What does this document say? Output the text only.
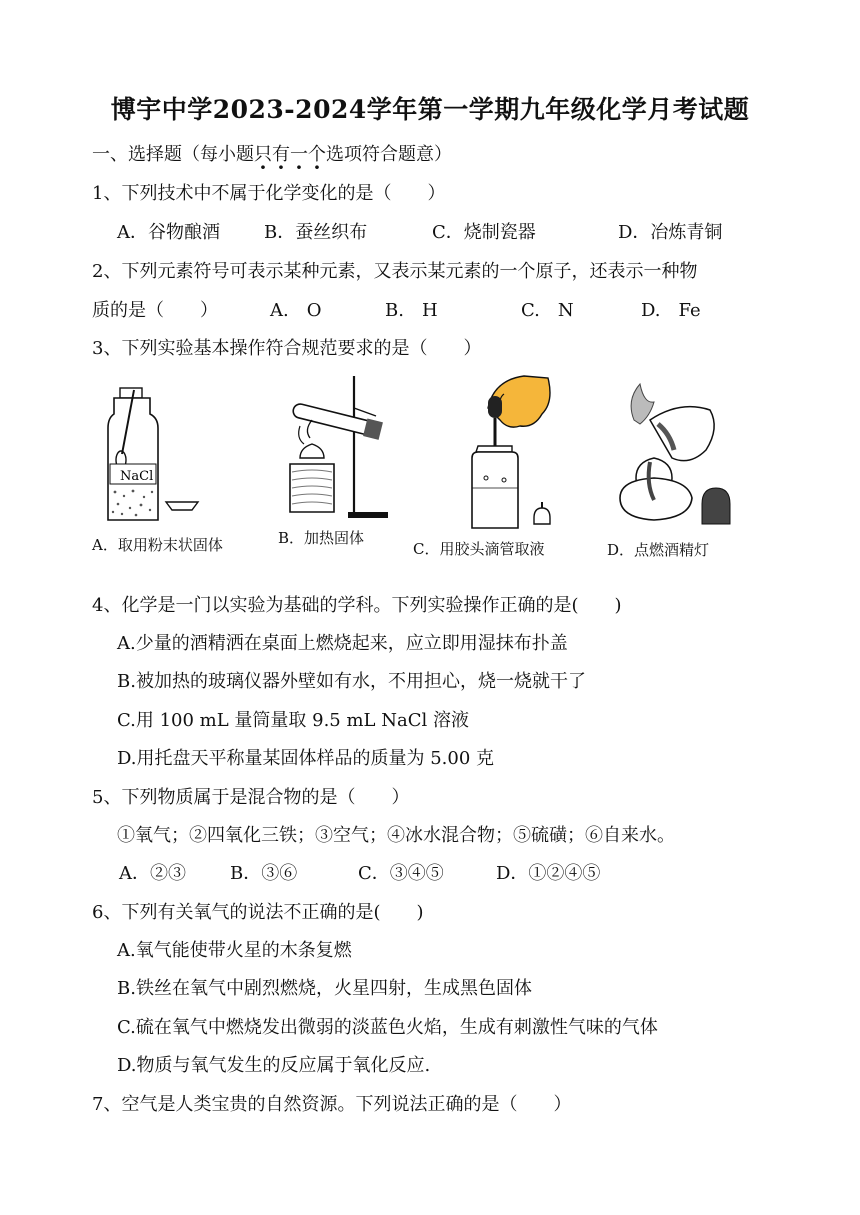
博宇中学2023-2024学年第一学期九年级化学月考试题
一、选择题（每小题只有一个选项符合题意）
1、下列技术中不属于化学变化的是（　　）
A．谷物酿酒 B．蚕丝织布	C．烧制瓷器	D．冶炼青铜
2、下列元素符号可表示某种元素，又表示某元素的一个原子，还表示一种物
质的是（　　）	A.　O	B.　H	C.　N	D.　Fe
3、下列实验基本操作符合规范要求的是（　　）
NaCl
A．取用粉末状固体	B．加热固体
C．用胶头滴管取液	D．点燃酒精灯
4、化学是一门以实验为基础的学科。下列实验操作正确的是(　　)
A.少量的酒精洒在桌面上燃烧起来，应立即用湿抹布扑盖
B.被加热的玻璃仪器外壁如有水，不用担心，烧一烧就干了
C.用 100 mL 量筒量取 9.5 mL NaCl 溶液
D.用托盘天平称量某固体样品的质量为 5.00 克
5、下列物质属于是混合物的是（　　）
①氧气；②四氧化三铁；③空气；④冰水混合物；⑤硫磺；⑥自来水。
A．②③ B．③⑥	C．③④⑤	D．①②④⑤
6、下列有关氧气的说法不正确的是(　　)
A.氧气能使带火星的木条复燃
B.铁丝在氧气中剧烈燃烧，火星四射，生成黑色固体
C.硫在氧气中燃烧发出微弱的淡蓝色火焰，生成有刺激性气味的气体
D.物质与氧气发生的反应属于氧化反应.
7、空气是人类宝贵的自然资源。下列说法正确的是（　　）
